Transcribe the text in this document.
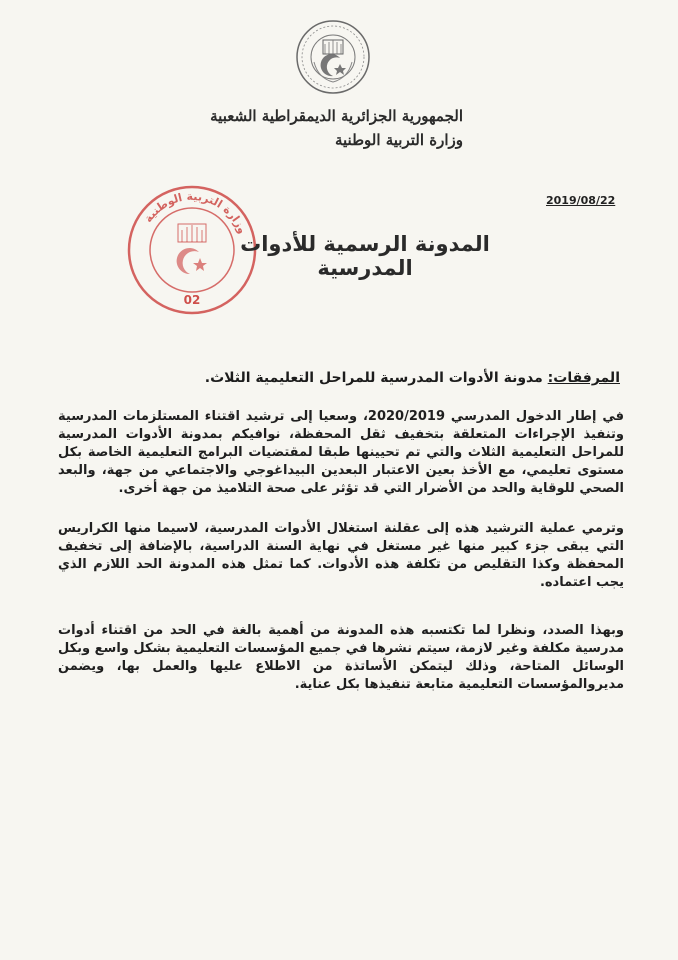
الجمهورية الجزائرية الديمقراطية الشعبية
وزارة التربية الوطنية
2019/08/22
وزارة التربية الوطنية
02
المدونة الرسمية للأدوات المدرسية
المرفقات: مدونة الأدوات المدرسية للمراحل التعليمية الثلاث.
في إطار الدخول المدرسي 2020/2019، وسعيا إلى ترشيد اقتناء المستلزمات المدرسية وتنفيذ الإجراءات المتعلقة بتخفيف ثقل المحفظة، نوافيكم بمدونة الأدوات المدرسية للمراحل التعليمية الثلاث والتي تم تحيينها طبقا لمقتضيات البرامج التعليمية الخاصة بكل مستوى تعليمي، مع الأخذ بعين الاعتبار البعدين البيداغوجي والاجتماعي من جهة، والبعد الصحي للوقاية والحد من الأضرار التي قد تؤثر على صحة التلاميذ من جهة أخرى.
وترمي عملية الترشيد هذه إلى عقلنة استغلال الأدوات المدرسية، لاسيما منها الكراريس التي يبقى جزء كبير منها غير مستغل في نهاية السنة الدراسية، بالإضافة إلى تخفيف المحفظة وكذا التقليص من تكلفة هذه الأدوات. كما تمثل هذه المدونة الحد اللازم الذي يجب اعتماده.
وبهذا الصدد، ونظرا لما تكتسبه هذه المدونة من أهمية بالغة في الحد من اقتناء أدوات مدرسية مكلفة وغير لازمة، سيتم نشرها في جميع المؤسسات التعليمية بشكل واسع وبكل الوسائل المتاحة، وذلك ليتمكن الأساتذة من الاطلاع عليها والعمل بها، ويضمن مديروالمؤسسات التعليمية متابعة تنفيذها بكل عناية.
